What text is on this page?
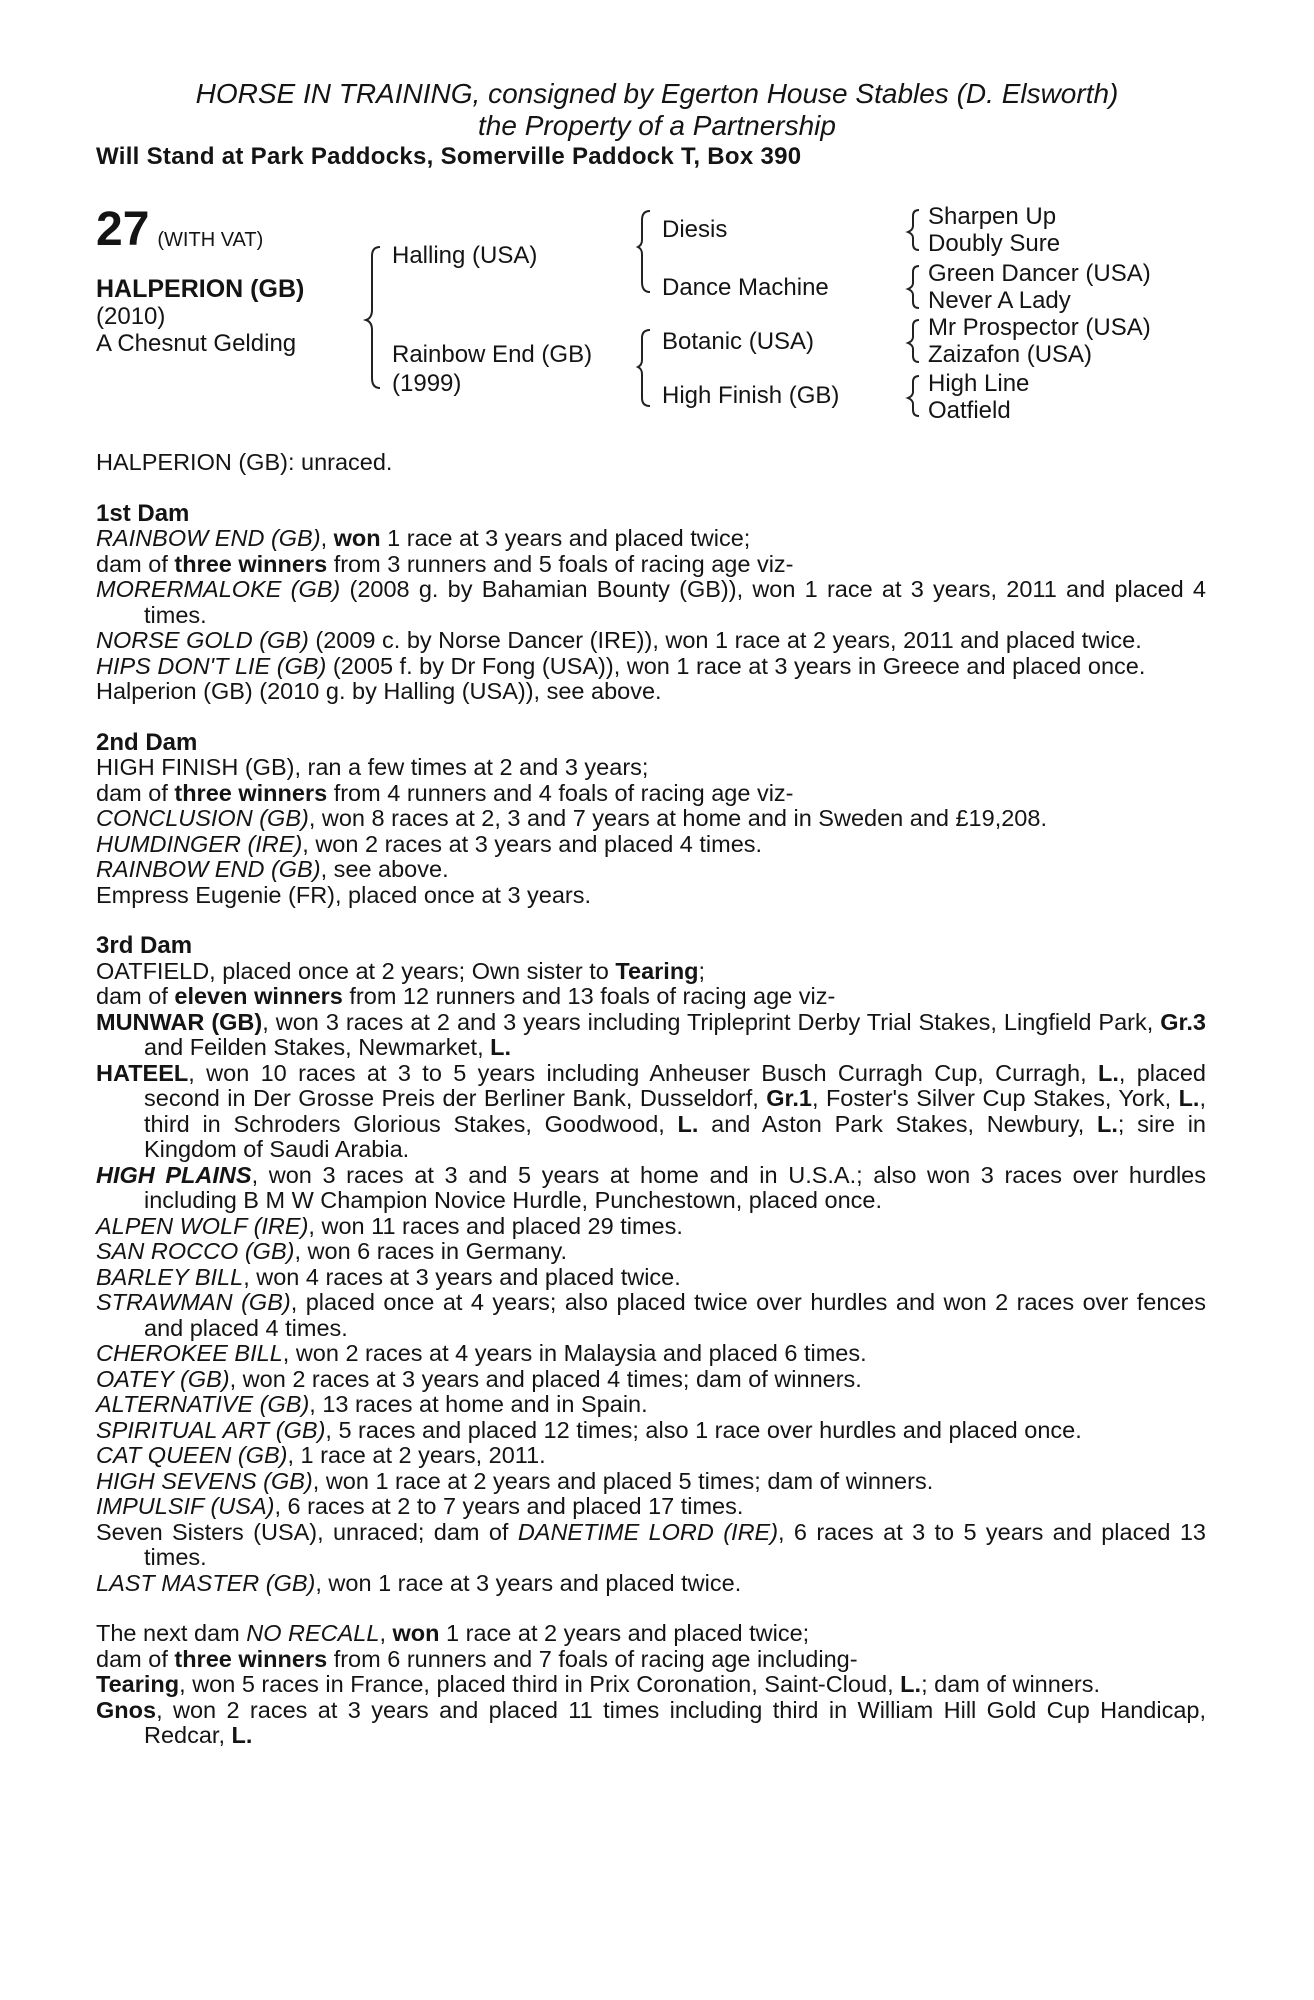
HORSE IN TRAINING, consigned by Egerton House Stables (D. Elsworth)
the Property of a Partnership
Will Stand at Park Paddocks, Somerville Paddock T, Box 390
27 (WITH VAT)
HALPERION (GB)
(2010)
A Chesnut Gelding
Halling (USA)
Rainbow End (GB)
(1999)
Diesis
Dance Machine
Botanic (USA)
High Finish (GB)
Sharpen Up
Doubly Sure
Green Dancer (USA)
Never A Lady
Mr Prospector (USA)
Zaizafon (USA)
High Line
Oatfield

HALPERION (GB): unraced.

1st Dam

RAINBOW END (GB), won 1 race at 3 years and placed twice;

dam of three winners from 3 runners and 5 foals of racing age viz-

MORERMALOKE (GB) (2008 g. by Bahamian Bounty (GB)), won 1 race at 3 years, 2011 and placed 4 times.

NORSE GOLD (GB) (2009 c. by Norse Dancer (IRE)), won 1 race at 2 years, 2011 and placed twice.

HIPS DON'T LIE (GB) (2005 f. by Dr Fong (USA)), won 1 race at 3 years in Greece and placed once.

Halperion (GB) (2010 g. by Halling (USA)), see above.

2nd Dam

HIGH FINISH (GB), ran a few times at 2 and 3 years;

dam of three winners from 4 runners and 4 foals of racing age viz-

CONCLUSION (GB), won 8 races at 2, 3 and 7 years at home and in Sweden and £19,208.

HUMDINGER (IRE), won 2 races at 3 years and placed 4 times.

RAINBOW END (GB), see above.

Empress Eugenie (FR), placed once at 3 years.

3rd Dam

OATFIELD, placed once at 2 years; Own sister to Tearing;

dam of eleven winners from 12 runners and 13 foals of racing age viz-

MUNWAR (GB), won 3 races at 2 and 3 years including Tripleprint Derby Trial Stakes, Lingfield Park, Gr.3 and Feilden Stakes, Newmarket, L.

HATEEL, won 10 races at 3 to 5 years including Anheuser Busch Curragh Cup, Curragh, L., placed second in Der Grosse Preis der Berliner Bank, Dusseldorf, Gr.1, Foster's Silver Cup Stakes, York, L., third in Schroders Glorious Stakes, Goodwood, L. and Aston Park Stakes, Newbury, L.; sire in Kingdom of Saudi Arabia.

HIGH PLAINS, won 3 races at 3 and 5 years at home and in U.S.A.; also won 3 races over hurdles including B M W Champion Novice Hurdle, Punchestown, placed once.

ALPEN WOLF (IRE), won 11 races and placed 29 times.

SAN ROCCO (GB), won 6 races in Germany.

BARLEY BILL, won 4 races at 3 years and placed twice.

STRAWMAN (GB), placed once at 4 years; also placed twice over hurdles and won 2 races over fences and placed 4 times.

CHEROKEE BILL, won 2 races at 4 years in Malaysia and placed 6 times.

OATEY (GB), won 2 races at 3 years and placed 4 times; dam of winners.

ALTERNATIVE (GB), 13 races at home and in Spain.

SPIRITUAL ART (GB), 5 races and placed 12 times; also 1 race over hurdles and placed once.

CAT QUEEN (GB), 1 race at 2 years, 2011.

HIGH SEVENS (GB), won 1 race at 2 years and placed 5 times; dam of winners.

IMPULSIF (USA), 6 races at 2 to 7 years and placed 17 times.

Seven Sisters (USA), unraced; dam of DANETIME LORD (IRE), 6 races at 3 to 5 years and placed 13 times.

LAST MASTER (GB), won 1 race at 3 years and placed twice.

The next dam NO RECALL, won 1 race at 2 years and placed twice;

dam of three winners from 6 runners and 7 foals of racing age including-

Tearing, won 5 races in France, placed third in Prix Coronation, Saint-Cloud, L.; dam of winners.

Gnos, won 2 races at 3 years and placed 11 times including third in William Hill Gold Cup Handicap, Redcar, L.
